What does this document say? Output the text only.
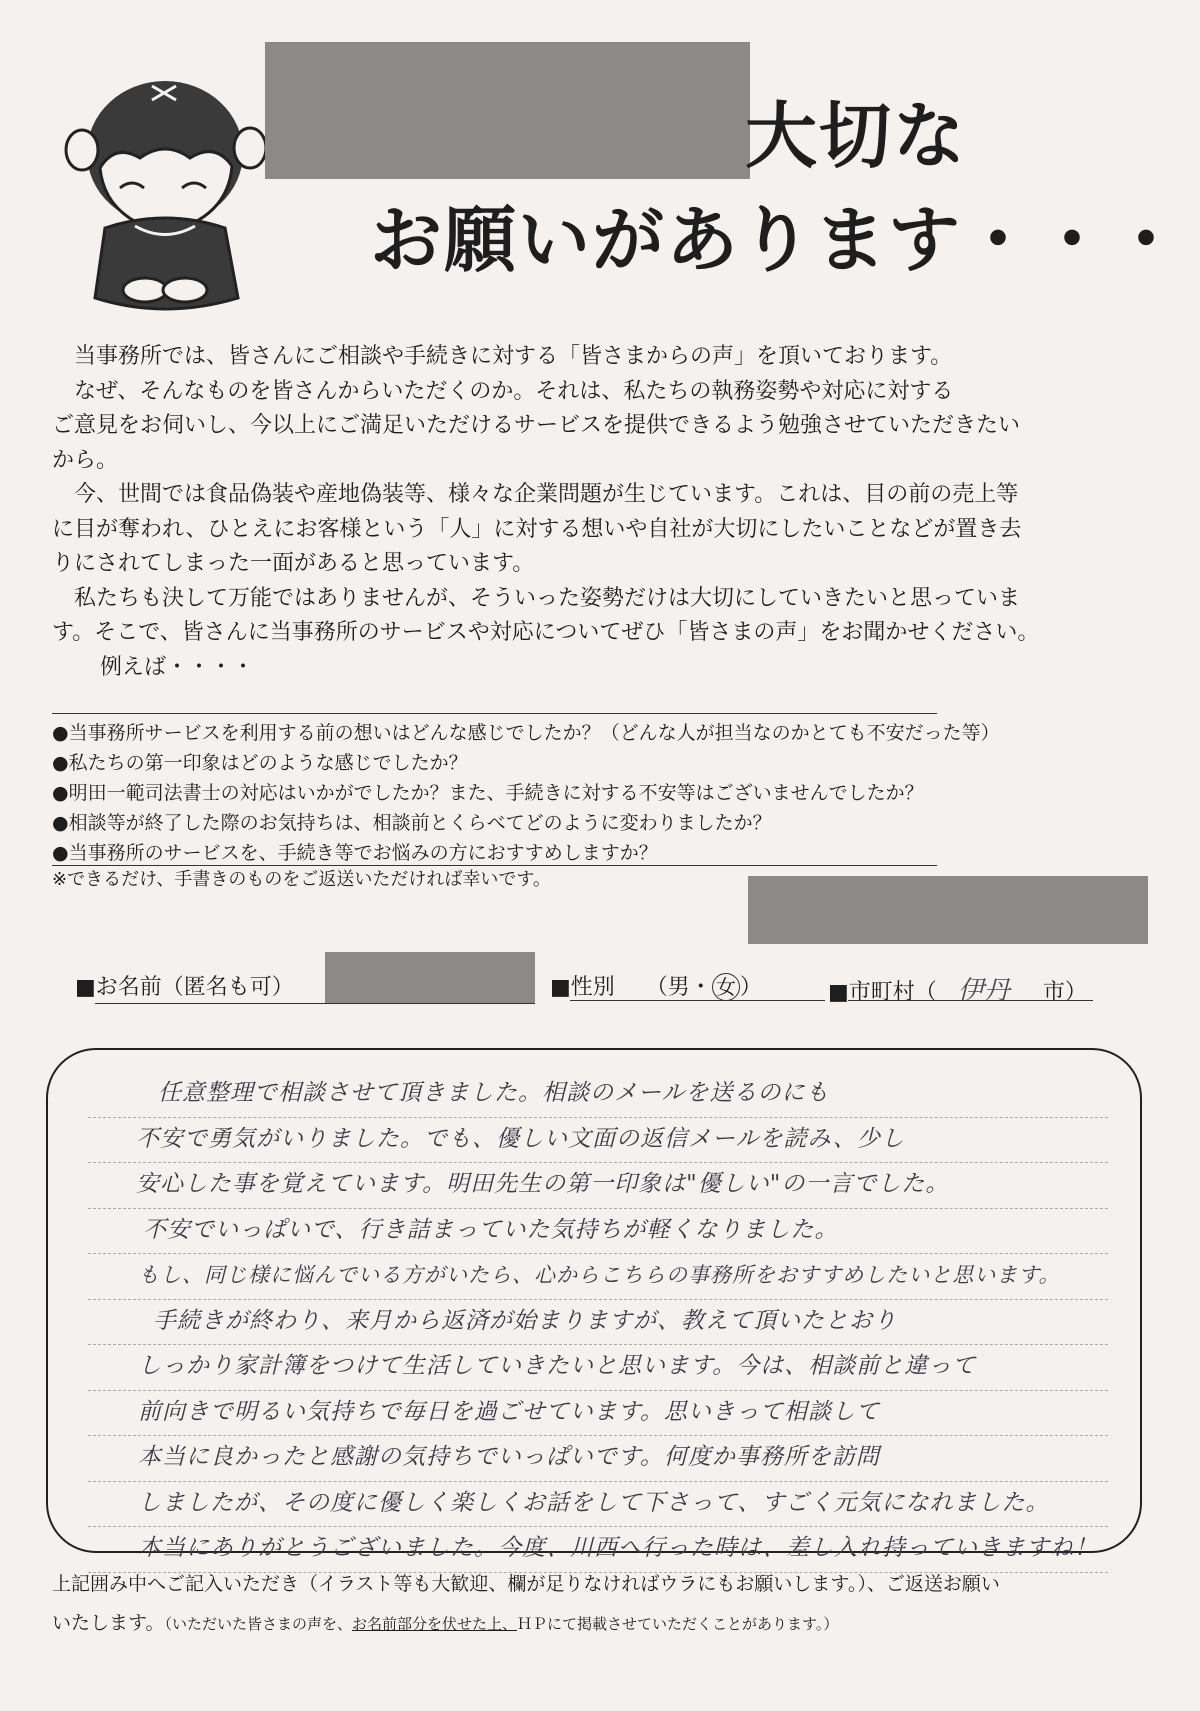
大切な
お願いがあります・・・

当事務所では、皆さんにご相談や手続きに対する「皆さまからの声」を頂いております。

なぜ、そんなものを皆さんからいただくのか。それは、私たちの執務姿勢や対応に対する

ご意見をお伺いし、今以上にご満足いただけるサービスを提供できるよう勉強させていただきたい

から。

今、世間では食品偽装や産地偽装等、様々な企業問題が生じています。これは、目の前の売上等

に目が奪われ、ひとえにお客様という「人」に対する想いや自社が大切にしたいことなどが置き去

りにされてしまった一面があると思っています。

私たちも決して万能ではありませんが、そういった姿勢だけは大切にしていきたいと思っていま

す。そこで、皆さんに当事務所のサービスや対応についてぜひ「皆さまの声」をお聞かせください。

例えば・・・・

●当事務所サービスを利用する前の想いはどんな感じでしたか？（どんな人が担当なのかとても不安だった等）
●私たちの第一印象はどのような感じでしたか？
●明田一範司法書士の対応はいかがでしたか？また、手続きに対する不安等はございませんでしたか？
●相談等が終了した際のお気持ちは、相談前とくらべてどのように変わりましたか？
●当事務所のサービスを、手続き等でお悩みの方におすすめしますか？
※できるだけ、手書きのものをご返送いただければ幸いです。
■お名前（匿名も可）	■性別 （男・ 女 ）	■市町村（ 伊丹 市）
任意整理で相談させて頂きました。相談のメールを送るのにも
不安で勇気がいりました。でも、優しい文面の返信メールを読み、少し
安心した事を覚えています。明田先生の第一印象は"優しい"の一言でした。
不安でいっぱいで、行き詰まっていた気持ちが軽くなりました。
もし、同じ様に悩んでいる方がいたら、心からこちらの事務所をおすすめしたいと思います。
手続きが終わり、来月から返済が始まりますが、教えて頂いたとおり
しっかり家計簿をつけて生活していきたいと思います。今は、相談前と違って
前向きで明るい気持ちで毎日を過ごせています。思いきって相談して
本当に良かったと感謝の気持ちでいっぱいです。何度か事務所を訪問
しましたが、その度に優しく楽しくお話をして下さって、すごく元気になれました。
本当にありがとうございました。今度、川西へ行った時は、差し入れ持っていきますね！
上記囲み中へご記入いただき（イラスト等も大歓迎、欄が足りなければウラにもお願いします。）、ご返送お願い
いたします。（いただいた皆さまの声を、お名前部分を伏せた上、ＨＰにて掲載させていただくことがあります。）
